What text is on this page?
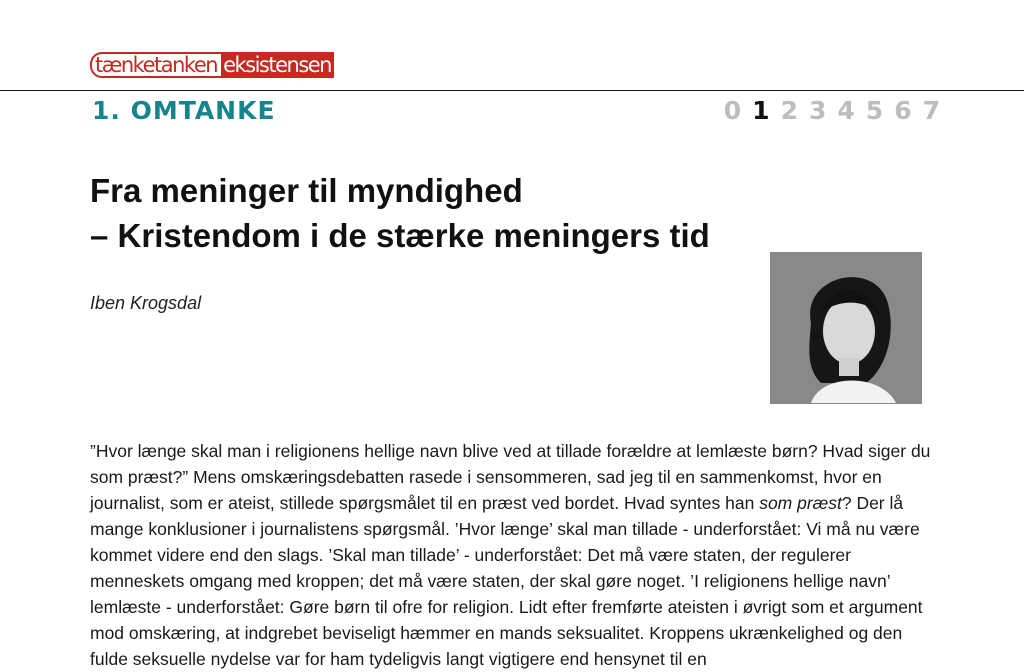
tænketanken eksistensen
1. OMTANKE	0 1 2 3 4 5 6 7
Fra meninger til myndighed
– Kristendom i de stærke meningers tid
Iben Krogsdal

”Hvor længe skal man i religionens hellige navn blive ved at tillade forældre at lemlæste børn? Hvad siger du som præst?” Mens omskæringsdebatten rasede i sensommeren, sad jeg til en sammenkomst, hvor en journalist, som er ateist, stillede spørgsmålet til en præst ved bordet. Hvad syntes han som præst? Der lå mange konklusioner i journalistens spørgsmål. ’Hvor længe’ skal man tillade - underforstået: Vi må nu være kommet videre end den slags. ’Skal man tillade’ - underforstået: Det må være staten, der regulerer menneskets omgang med kroppen; det må være staten, der skal gøre noget. ’I religionens hellige navn’ lemlæste - underforstået: Gøre børn til ofre for religion. Lidt efter fremførte ateisten i øvrigt som et argument mod omskæring, at indgrebet beviseligt hæmmer en mands seksualitet. Kroppens ukrænkelighed og den fulde seksuelle nydelse var for ham tydeligvis langt vigtigere end hensynet til en
